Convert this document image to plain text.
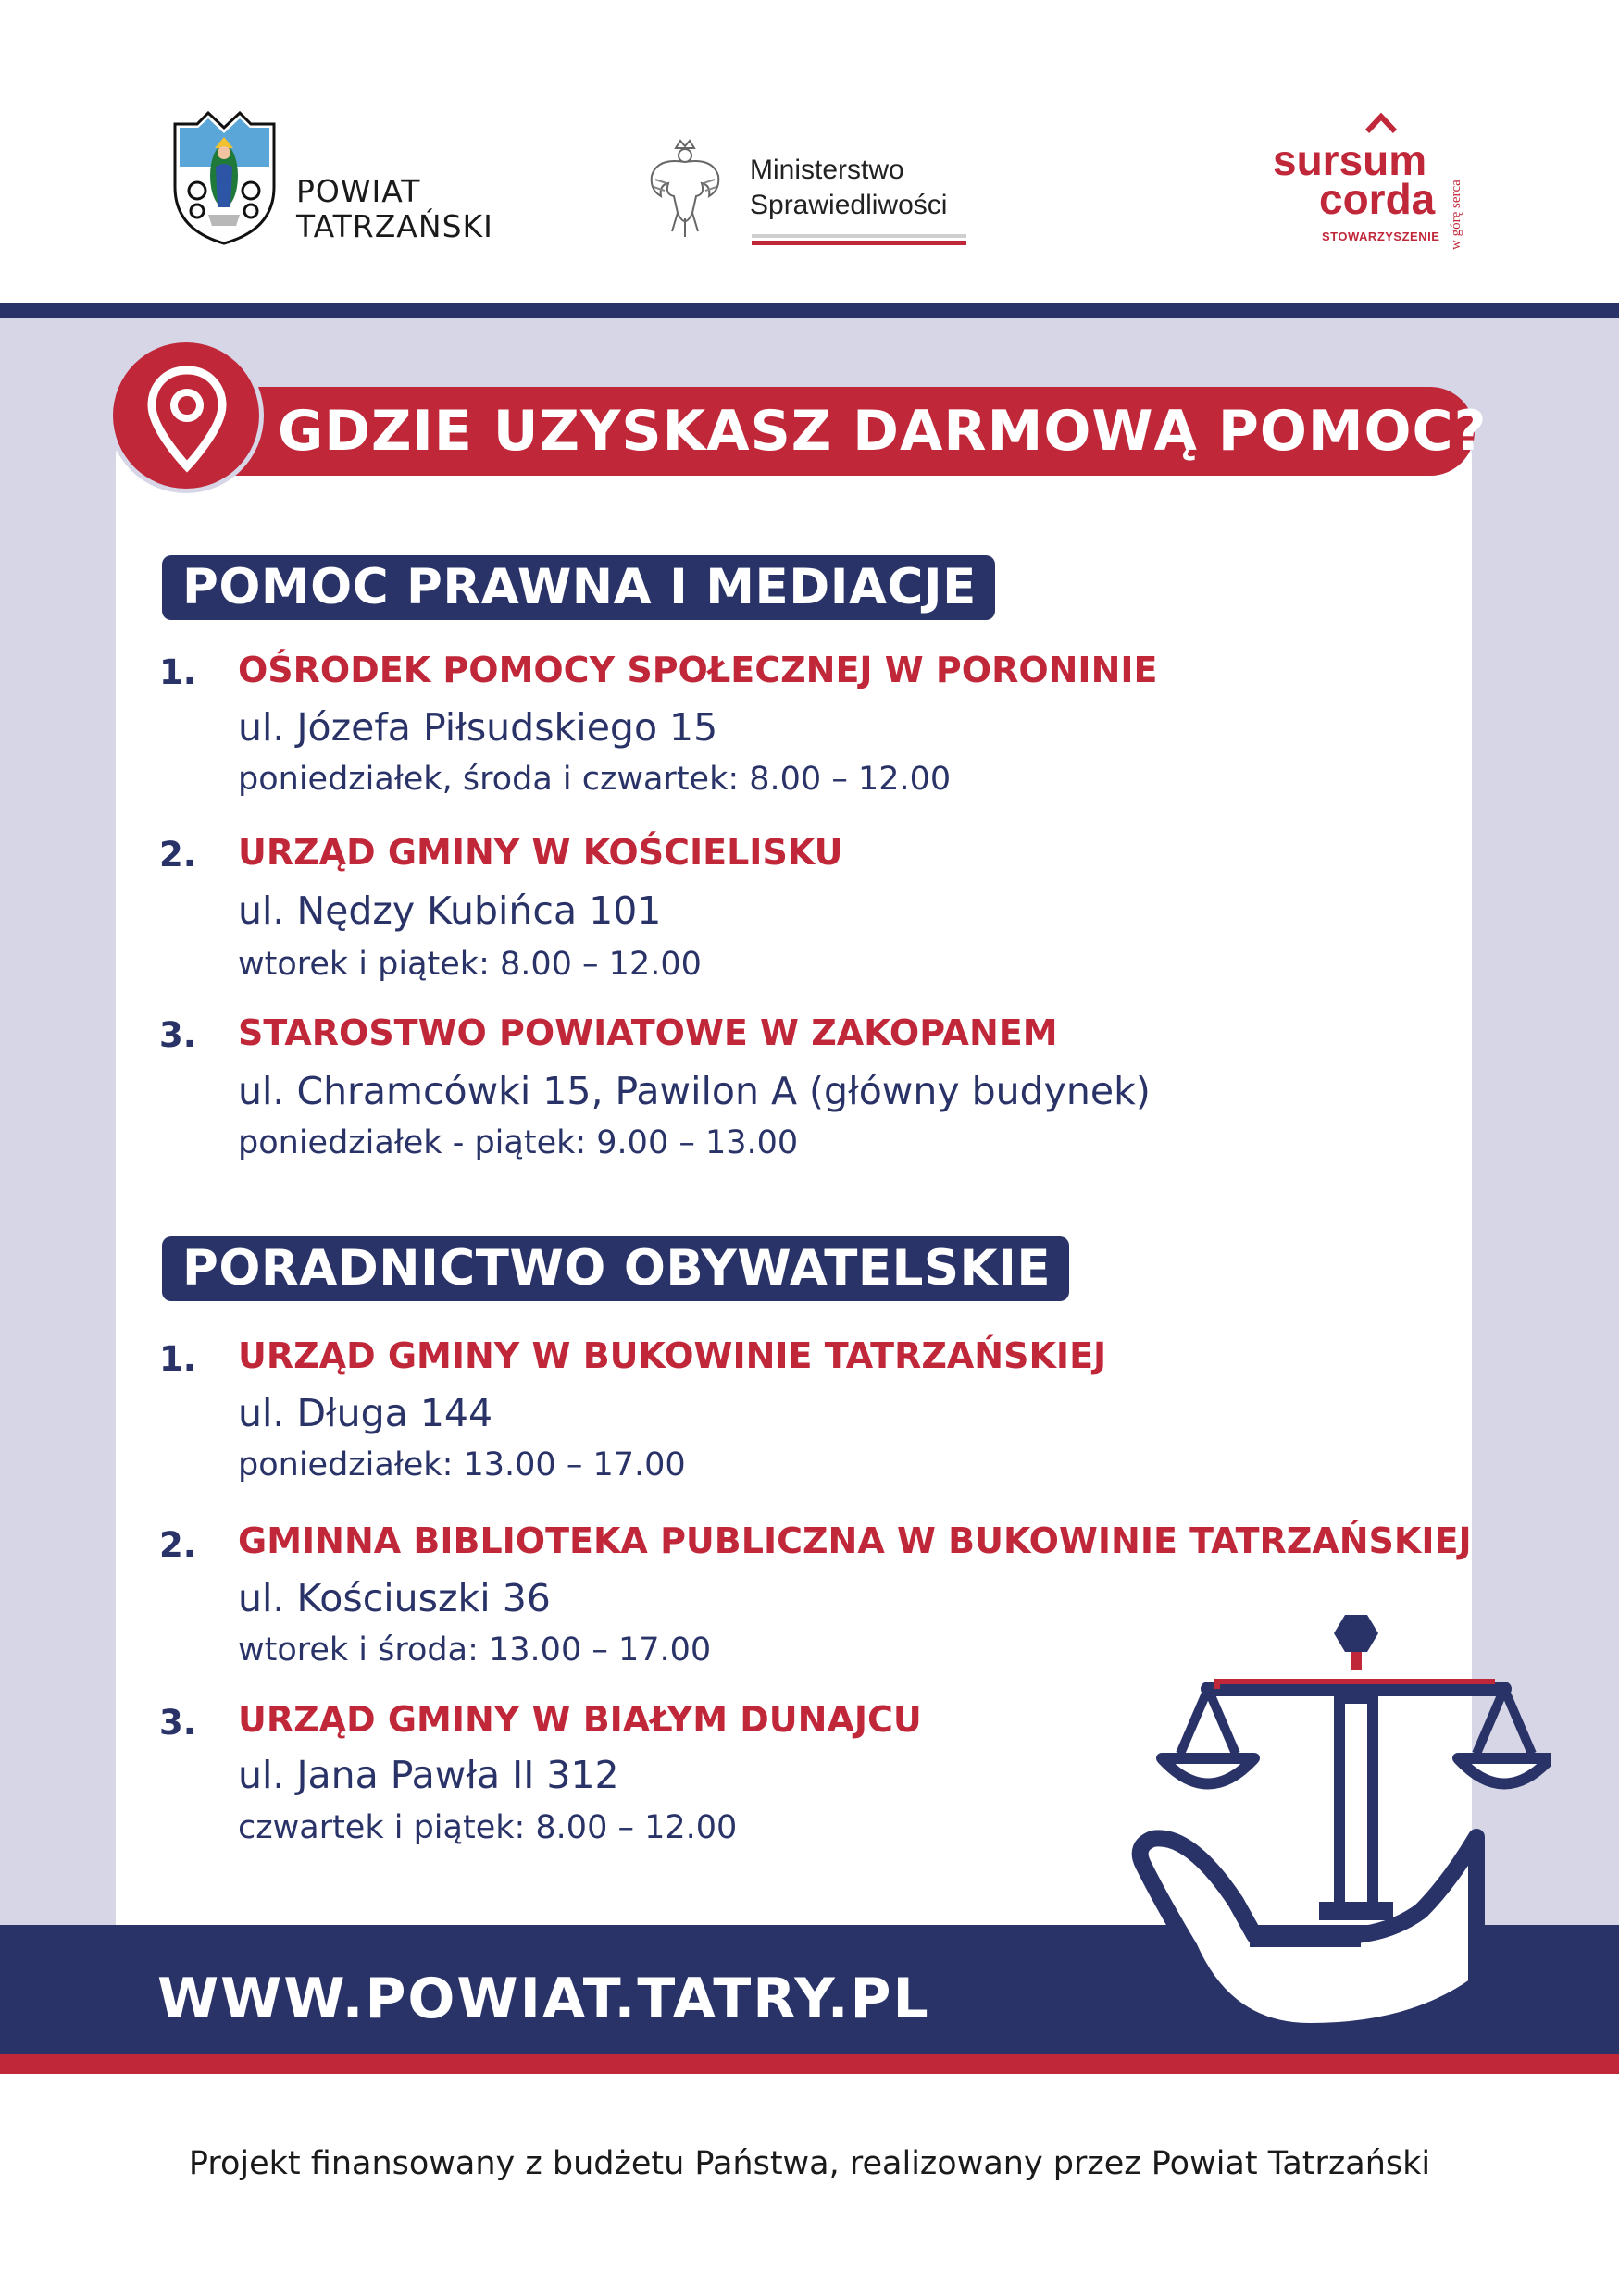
POWIAT
TATRZAŃSKI
Ministerstwo
Sprawiedliwości
sursum
corda
STOWARZYSZENIE w górę serca
GDZIE UZYSKASZ DARMOWĄ POMOC?
POMOC PRAWNA I MEDIACJE
1. OŚRODEK POMOCY SPOŁECZNEJ W PORONINIE
ul. Józefa Piłsudskiego 15
poniedziałek, środa i czwartek: 8.00 – 12.00
2. URZĄD GMINY W KOŚCIELISKU
ul. Nędzy Kubińca 101
wtorek i piątek: 8.00 – 12.00
3. STAROSTWO POWIATOWE W ZAKOPANEM
ul. Chramcówki 15, Pawilon A (główny budynek)
poniedziałek - piątek: 9.00 – 13.00
PORADNICTWO OBYWATELSKIE
1. URZĄD GMINY W BUKOWINIE TATRZAŃSKIEJ
ul. Długa 144
poniedziałek: 13.00 – 17.00
2. GMINNA BIBLIOTEKA PUBLICZNA W BUKOWINIE TATRZAŃSKIEJ
ul. Kościuszki 36
wtorek i środa: 13.00 – 17.00
3. URZĄD GMINY W BIAŁYM DUNAJCU
ul. Jana Pawła II 312
czwartek i piątek: 8.00 – 12.00
WWW.POWIAT.TATRY.PL
Projekt finansowany z budżetu Państwa, realizowany przez Powiat Tatrzański
